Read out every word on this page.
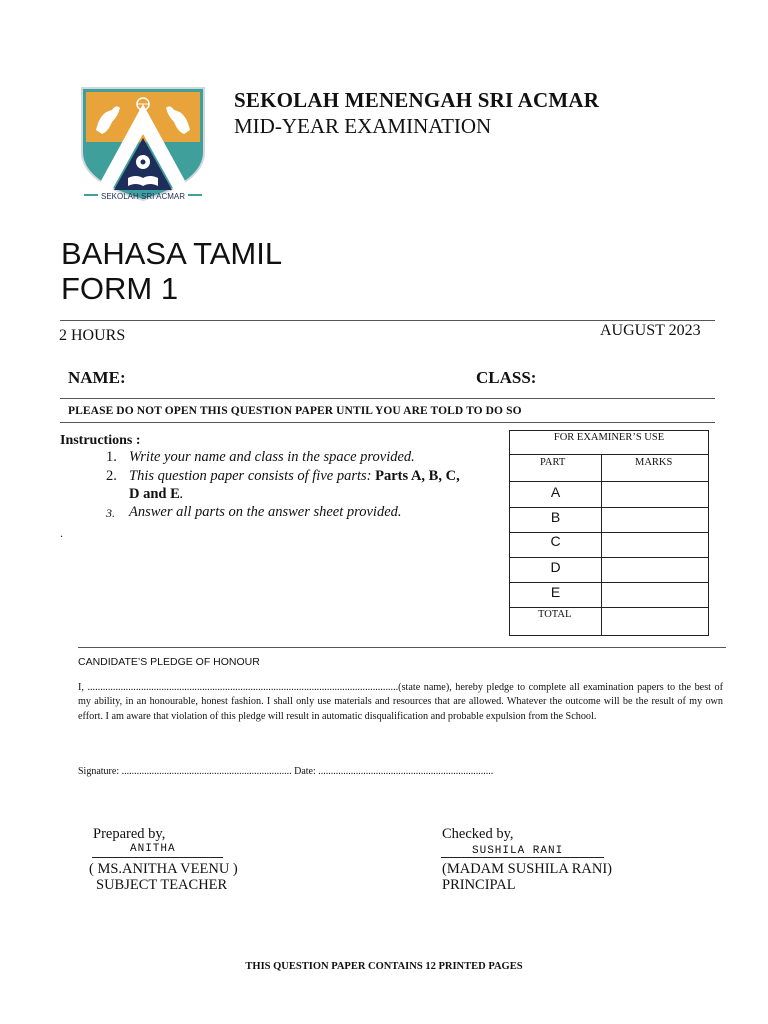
SEKOLAH SRI ACMAR
SEKOLAH MENENGAH SRI ACMAR
MID-YEAR EXAMINATION
BAHASA TAMIL
FORM 1
2 HOURS	AUGUST 2023
NAME:	CLASS:
PLEASE DO NOT OPEN THIS QUESTION PAPER UNTIL YOU ARE TOLD TO DO SO
Instructions :
1. Write your name and class in the space provided.
2. This question paper consists of five parts: Parts A, B, C,
D and E.
3. Answer all parts on the answer sheet provided.
.
FOR EXAMINER’S USE
PART	MARKS
A
B
C
D
E
TOTAL
CANDIDATE’S PLEDGE OF HONOUR
I, ..........................................................................................................................(state name), hereby pledge to complete all examination papers to the best of my ability, in an honourable, honest fashion. I shall only use materials and resources that are allowed. Whatever the outcome will be the result of my own effort. I am aware that violation of this pledge will result in automatic disqualification and probable expulsion from the School.
Signature: .................................................................... Date: ......................................................................
Prepared by,
ANITHA
( MS.ANITHA VEENU )
SUBJECT TEACHER
Checked by,
SUSHILA RANI
(MADAM SUSHILA RANI)
PRINCIPAL
THIS QUESTION PAPER CONTAINS 12 PRINTED PAGES
